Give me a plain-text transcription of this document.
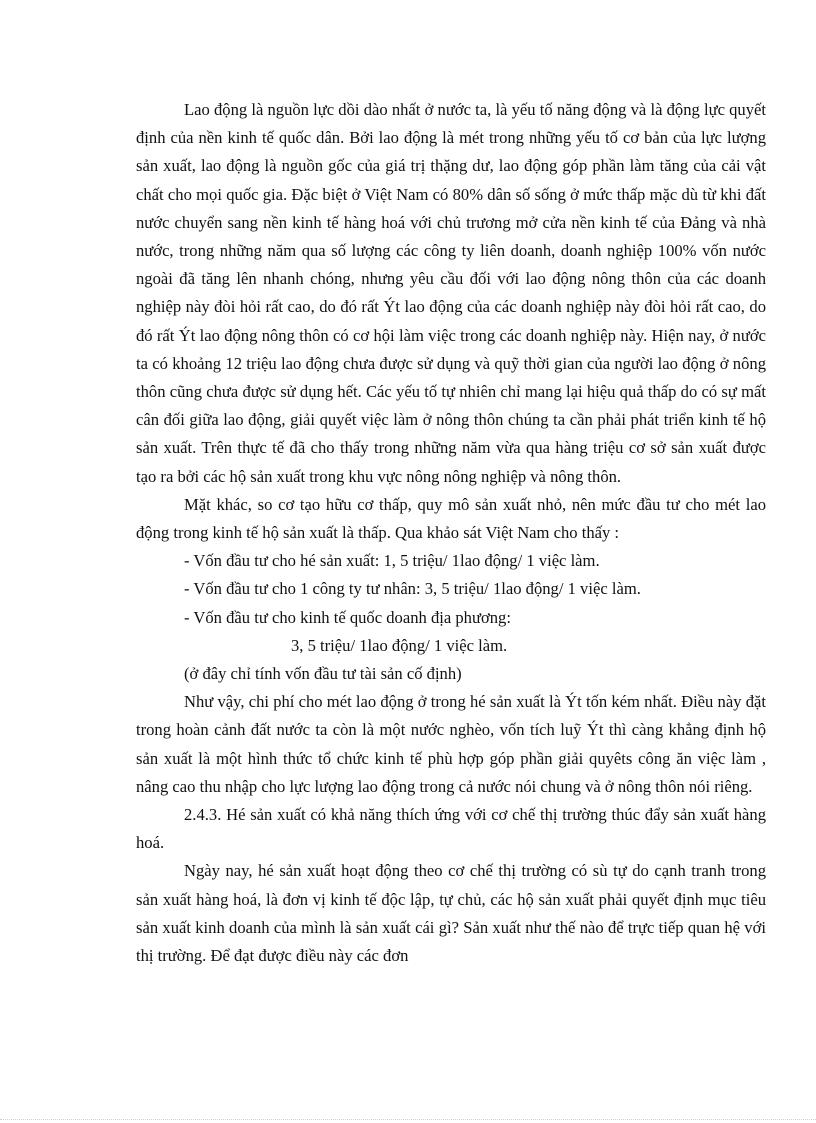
Lao động là nguồn lực dồi dào nhất ở nước ta, là yếu tố năng động và là động lực quyết định của nền kinh tế quốc dân. Bởi lao động là mét trong những yếu tố cơ bản của lực lượng sản xuất, lao động là nguồn gốc của giá trị thặng dư, lao động góp phần làm tăng của cải vật chất cho mọi quốc gia. Đặc biệt ở Việt Nam có 80% dân số sống ở mức thấp mặc dù từ khi đất nước chuyển sang nền kinh tế hàng hoá với chủ trương mở cửa nền kinh tế của Đảng và nhà nước, trong những năm qua số lượng các công ty liên doanh, doanh nghiệp 100% vốn nước ngoài đã tăng lên nhanh chóng, nhưng yêu cầu đối với lao động nông thôn của các doanh nghiệp này đòi hỏi rất cao, do đó rất Ýt lao động của các doanh nghiệp này đòi hỏi rất cao, do đó rất Ýt lao động nông thôn có cơ hội làm việc trong các doanh nghiệp này. Hiện nay, ở nước ta có khoảng 12 triệu lao động chưa được sử dụng và quỹ thời gian của người lao động ở nông thôn cũng chưa được sử dụng hết. Các yếu tố tự nhiên chỉ mang lại hiệu quả thấp do có sự mất cân đối giữa lao động, giải quyết việc làm ở nông thôn chúng ta cần phải phát triển kinh tế hộ sản xuất. Trên thực tế đã cho thấy trong những năm vừa qua hàng triệu cơ sở sản xuất được tạo ra bởi các hộ sản xuất trong khu vực nông nông nghiệp và nông thôn.

Mặt khác, so cơ tạo hữu cơ thấp, quy mô sản xuất nhỏ, nên mức đầu tư cho mét lao động trong kinh tế hộ sản xuất là thấp. Qua khảo sát Việt Nam cho thấy :

- Vốn đầu tư cho hé sản xuất: 1, 5 triệu/ 1lao động/ 1 việc làm.

- Vốn đầu tư cho 1 công ty tư nhân: 3, 5 triệu/ 1lao động/ 1 việc làm.

- Vốn đầu tư cho kinh tế quốc doanh địa phương:

3, 5 triệu/ 1lao động/ 1 việc làm.

(ở đây chỉ tính vốn đầu tư tài sản cố định)

Như vậy, chi phí cho mét lao động ở trong hé sản xuất là Ýt tốn kém nhất. Điều này đặt trong hoàn cảnh đất nước ta còn là một nước nghèo, vốn tích luỹ Ýt thì càng khẳng định hộ sản xuất là một hình thức tổ chức kinh tế phù hợp góp phần giải quyêts công ăn việc làm , nâng cao thu nhập cho lực lượng lao động trong cả nước nói chung và ở nông thôn nói riêng.

2.4.3. Hé sản xuất có khả năng thích ứng với cơ chế thị trường thúc đẩy sản xuất hàng hoá.

Ngày nay, hé sản xuất hoạt động theo cơ chế thị trường có sù tự do cạnh tranh trong sản xuất hàng hoá, là đơn vị kinh tế độc lập, tự chủ, các hộ sản xuất phải quyết định mục tiêu sản xuất kinh doanh của mình là sản xuất cái gì? Sản xuất như thế nào để trực tiếp quan hệ với thị trường. Để đạt được điều này các đơn
